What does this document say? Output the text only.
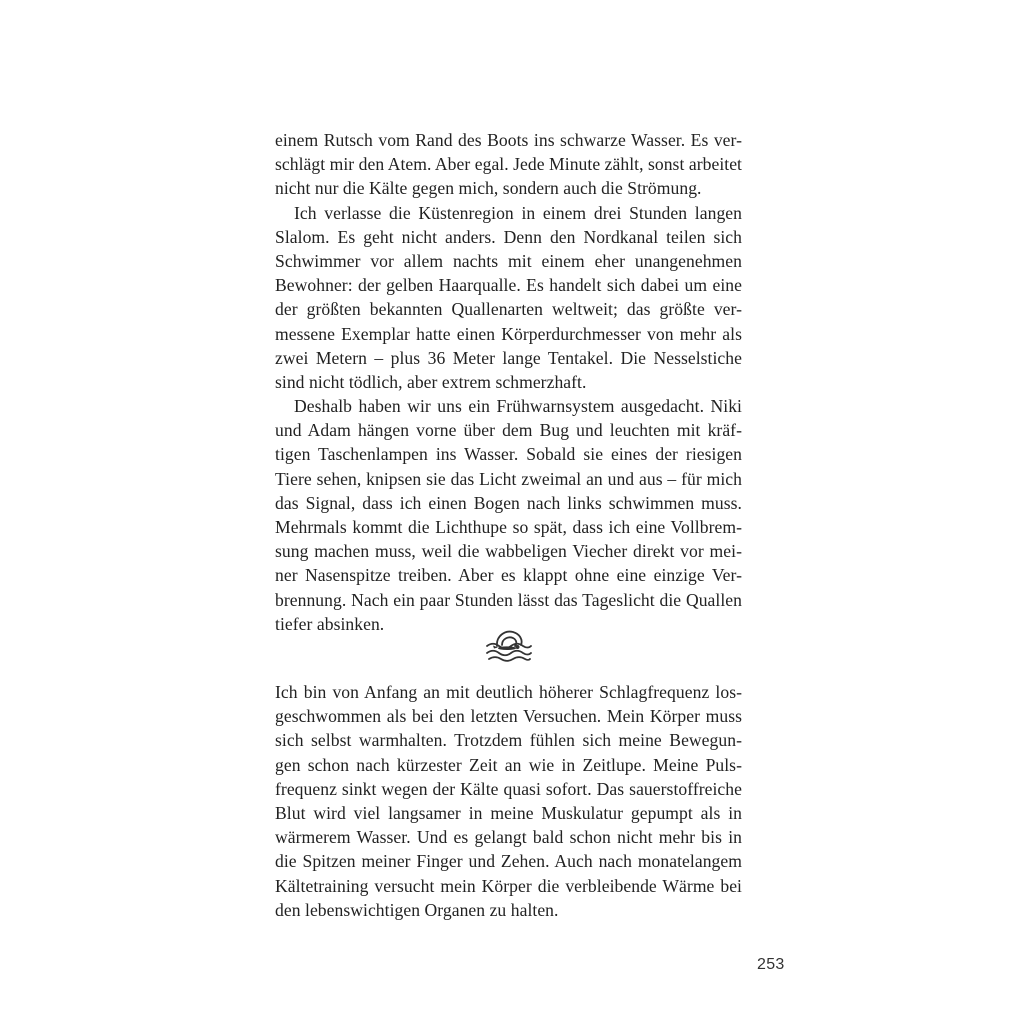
einem Rutsch vom Rand des Boots ins schwarze Wasser. Es ver-
schlägt mir den Atem. Aber egal. Jede Minute zählt, sonst arbeitet
nicht nur die Kälte gegen mich, sondern auch die Strömung.
Ich verlasse die Küstenregion in einem drei Stunden langen
Slalom. Es geht nicht anders. Denn den Nordkanal teilen sich
Schwimmer vor allem nachts mit einem eher unangenehmen
Bewohner: der gelben Haarqualle. Es handelt sich dabei um eine
der größten bekannten Quallenarten weltweit; das größte ver-
messene Exemplar hatte einen Körperdurchmesser von mehr als
zwei Metern – plus 36 Meter lange Tentakel. Die Nesselstiche
sind nicht tödlich, aber extrem schmerzhaft.
Deshalb haben wir uns ein Frühwarnsystem ausgedacht. Niki
und Adam hängen vorne über dem Bug und leuchten mit kräf-
tigen Taschenlampen ins Wasser. Sobald sie eines der riesigen
Tiere sehen, knipsen sie das Licht zweimal an und aus – für mich
das Signal, dass ich einen Bogen nach links schwimmen muss.
Mehrmals kommt die Lichthupe so spät, dass ich eine Vollbrem-
sung machen muss, weil die wabbeligen Viecher direkt vor mei-
ner Nasenspitze treiben. Aber es klappt ohne eine einzige Ver-
brennung. Nach ein paar Stunden lässt das Tageslicht die Quallen
tiefer absinken.
Ich bin von Anfang an mit deutlich höherer Schlagfrequenz los-
geschwommen als bei den letzten Versuchen. Mein Körper muss
sich selbst warmhalten. Trotzdem fühlen sich meine Bewegun-
gen schon nach kürzester Zeit an wie in Zeitlupe. Meine Puls-
frequenz sinkt wegen der Kälte quasi sofort. Das sauerstoffreiche
Blut wird viel langsamer in meine Muskulatur gepumpt als in
wärmerem Wasser. Und es gelangt bald schon nicht mehr bis in
die Spitzen meiner Finger und Zehen. Auch nach monatelangem
Kältetraining versucht mein Körper die verbleibende Wärme bei
den lebenswichtigen Organen zu halten.
253
